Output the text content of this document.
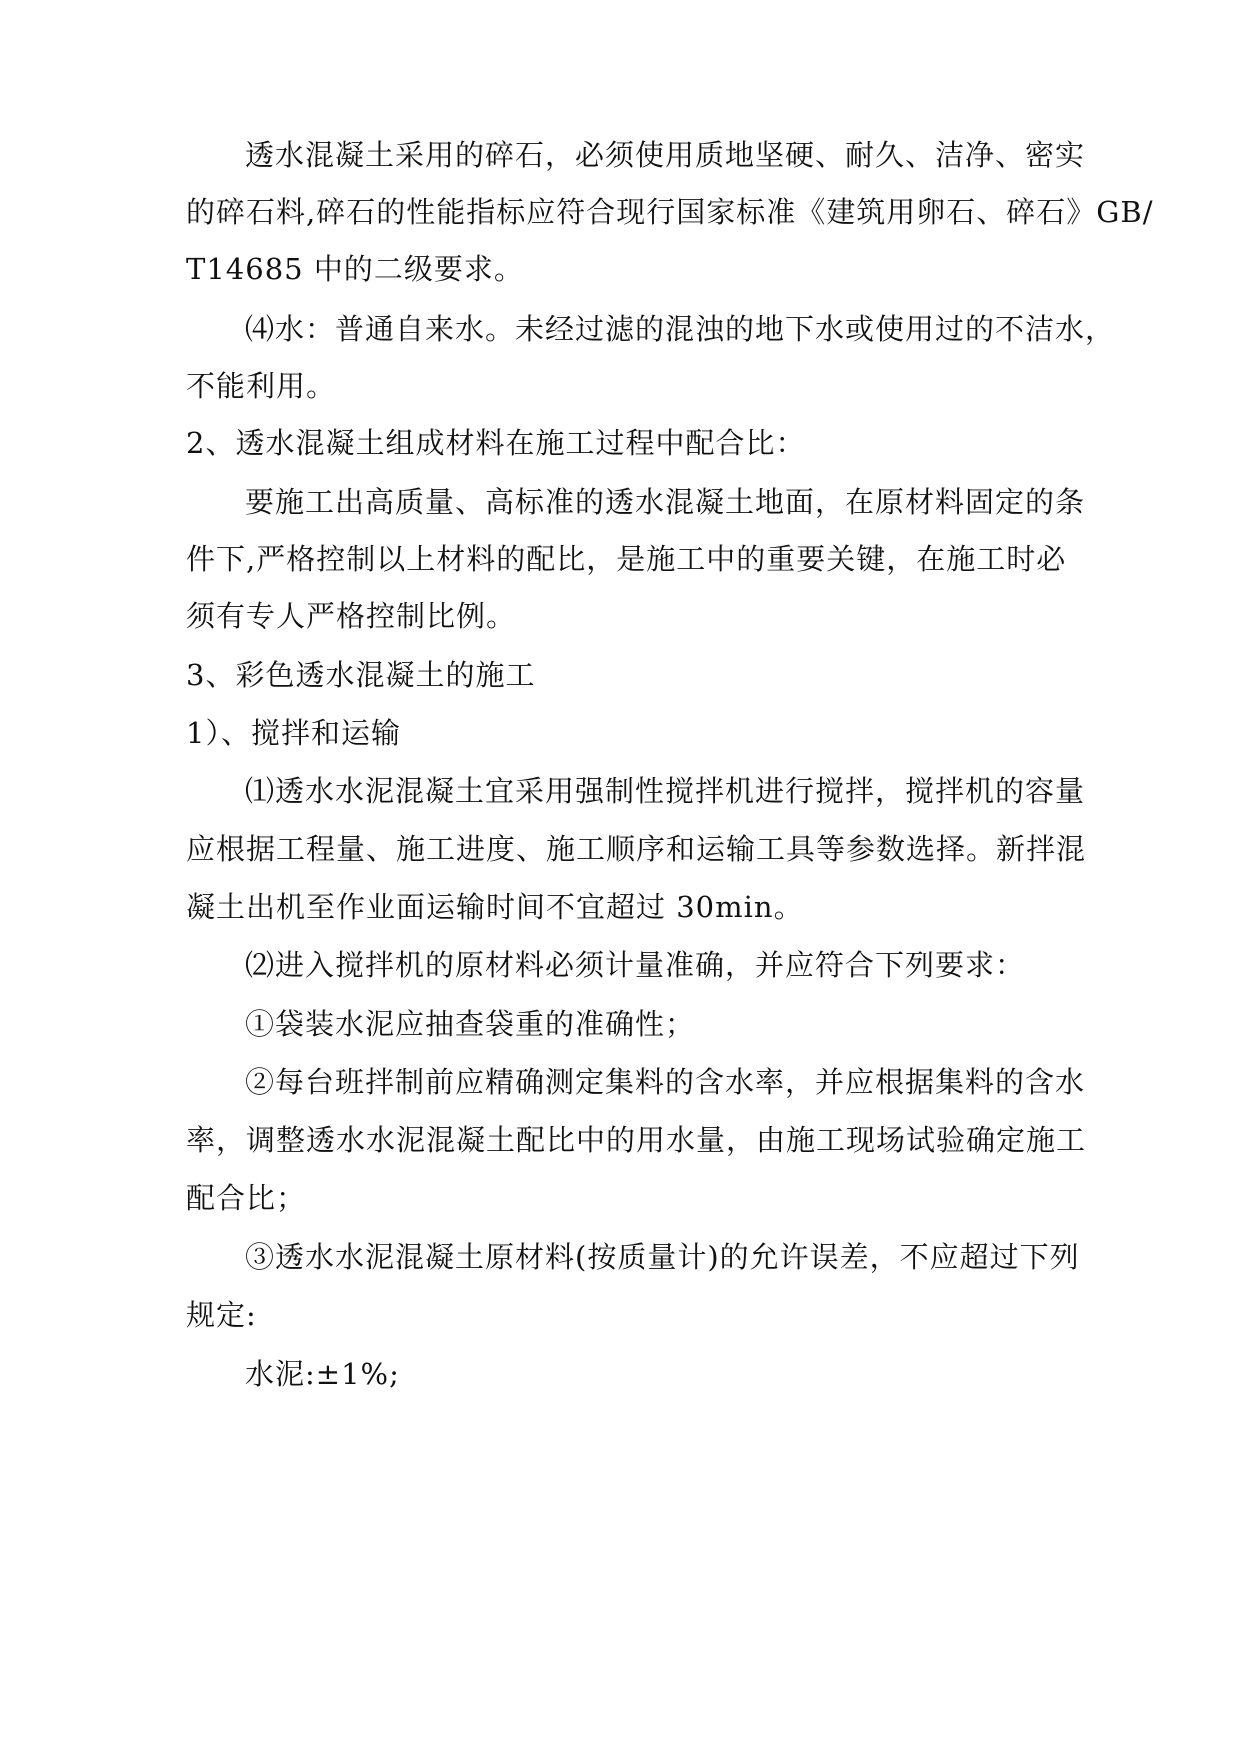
透水混凝土采用的碎石，必须使用质地坚硬、耐久、洁净、密实
的碎石料,碎石的性能指标应符合现行国家标准《建筑用卵石、碎石》GB/
T14685 中的二级要求。
⑷水：普通自来水。未经过滤的混浊的地下水或使用过的不洁水，
不能利用。
2、透水混凝土组成材料在施工过程中配合比：
要施工出高质量、高标准的透水混凝土地面，在原材料固定的条
件下,严格控制以上材料的配比，是施工中的重要关键，在施工时必
须有专人严格控制比例。
3、彩色透水混凝土的施工
1）、搅拌和运输
⑴透水水泥混凝土宜采用强制性搅拌机进行搅拌，搅拌机的容量
应根据工程量、施工进度、施工顺序和运输工具等参数选择。新拌混
凝土出机至作业面运输时间不宜超过 30min。
⑵进入搅拌机的原材料必须计量准确，并应符合下列要求：
①袋装水泥应抽查袋重的准确性；
②每台班拌制前应精确测定集料的含水率，并应根据集料的含水
率，调整透水水泥混凝土配比中的用水量，由施工现场试验确定施工
配合比；
③透水水泥混凝土原材料(按质量计)的允许误差，不应超过下列
规定:
水泥:±1%;
